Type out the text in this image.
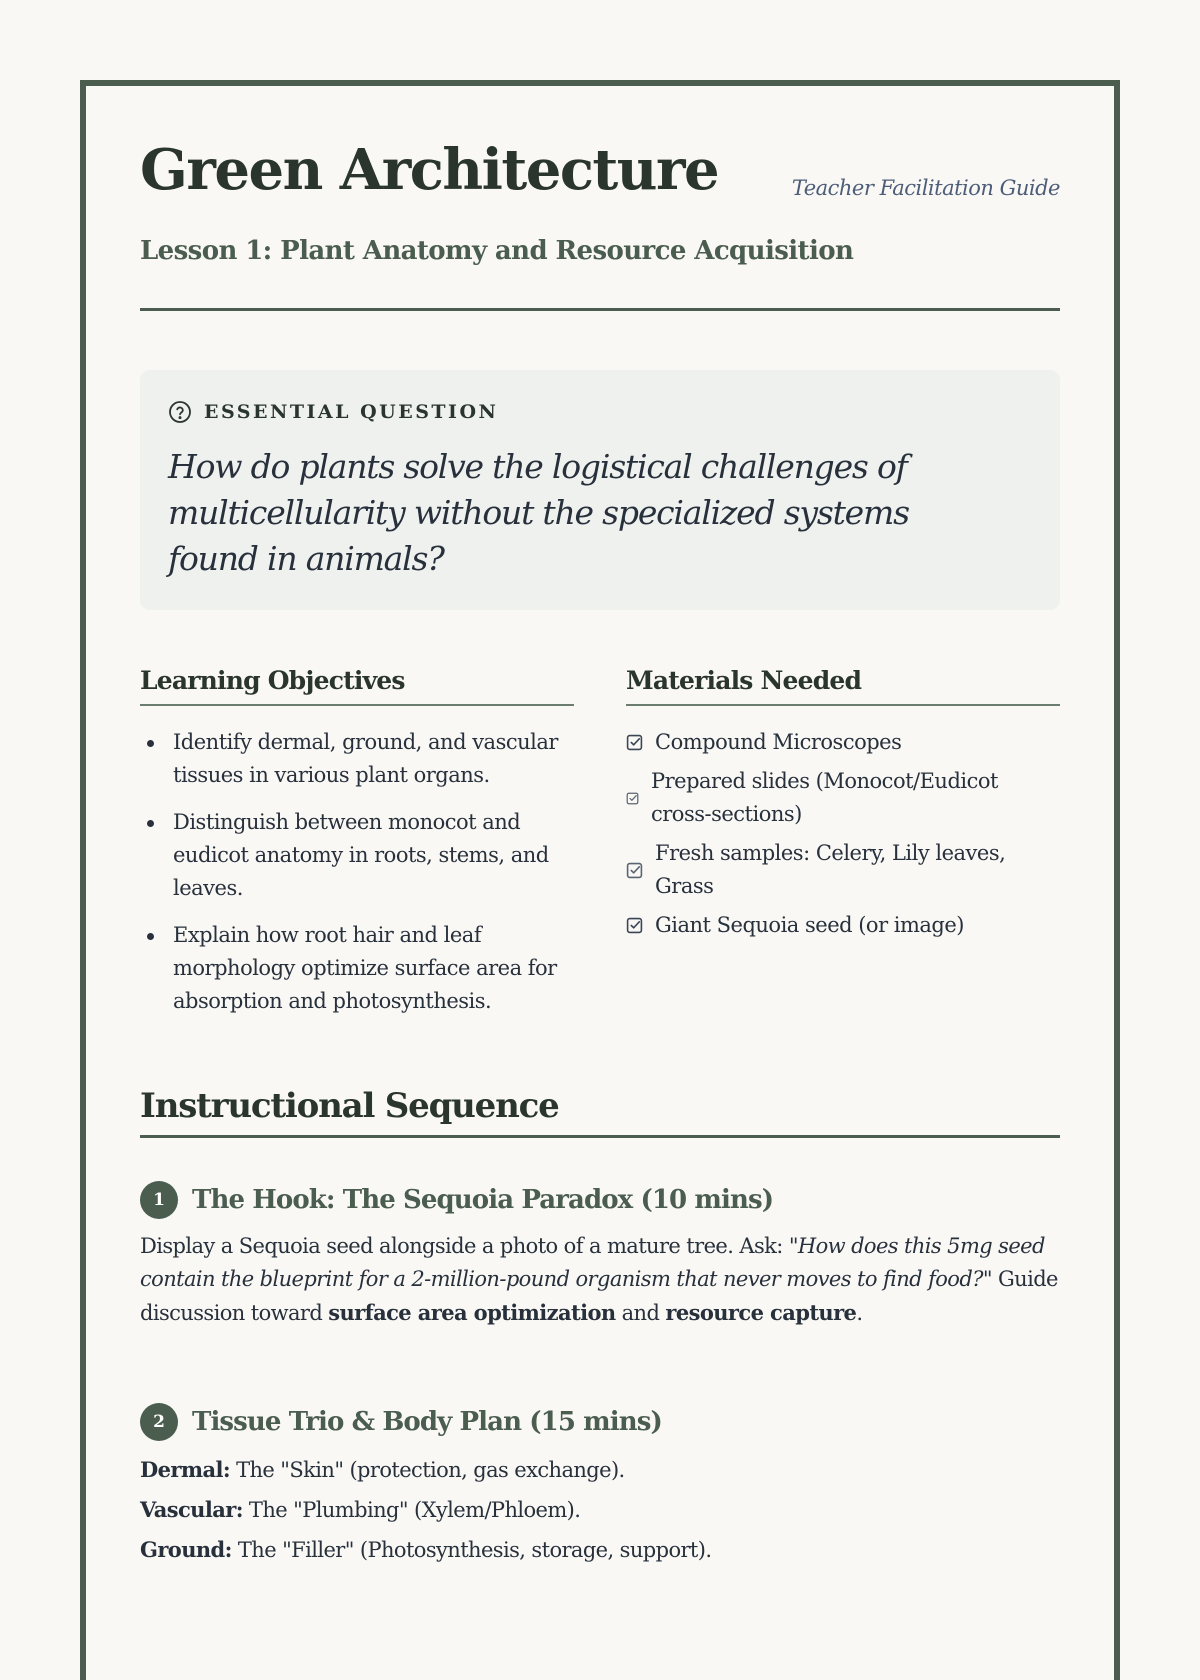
Green Architecture	Teacher Facilitation Guide
Lesson 1: Plant Anatomy and Resource Acquisition
ESSENTIAL QUESTION
How do plants solve the logistical challenges of multicellularity without the specialized systems found in animals?
Learning Objectives
Identify dermal, ground, and vascular tissues in various plant organs.
Distinguish between monocot and eudicot anatomy in roots, stems, and leaves.
Explain how root hair and leaf morphology optimize surface area for absorption and photosynthesis.
Materials Needed
Compound Microscopes
Prepared slides (Monocot/Eudicot cross-sections)
Fresh samples: Celery, Lily leaves, Grass
Giant Sequoia seed (or image)
Instructional Sequence
1	The Hook: The Sequoia Paradox (10 mins)
Display a Sequoia seed alongside a photo of a mature tree. Ask: "How does this 5mg seed contain the blueprint for a 2-million-pound organism that never moves to find food?" Guide discussion toward surface area optimization and resource capture.
2	Tissue Trio & Body Plan (15 mins)
Dermal: The "Skin" (protection, gas exchange).
Vascular: The "Plumbing" (Xylem/Phloem).
Ground: The "Filler" (Photosynthesis, storage, support).
